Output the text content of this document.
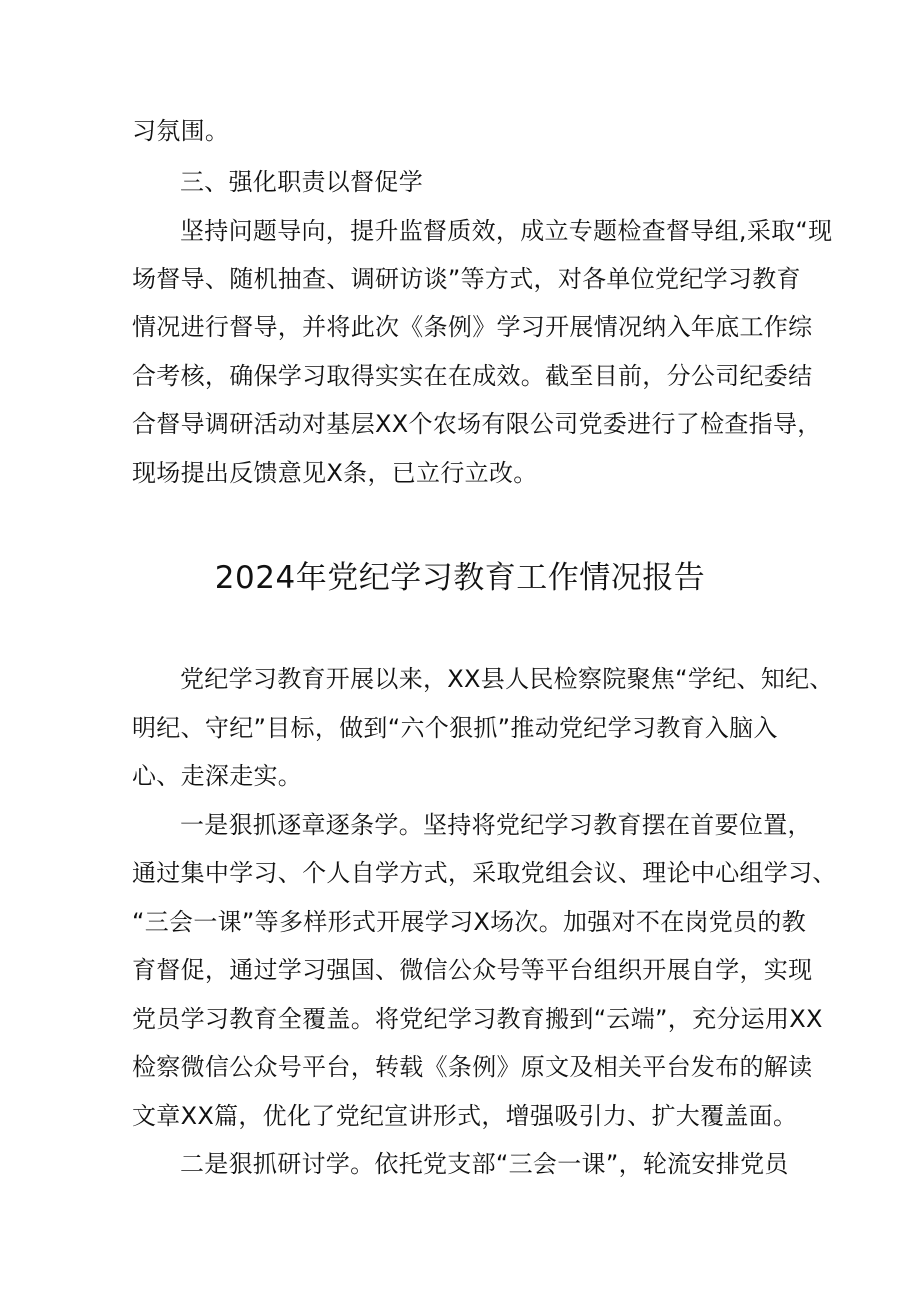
习氛围。
三、强化职责以督促学
坚持问题导向，提升监督质效，成立专题检查督导组,采取“现
场督导、随机抽查、调研访谈”等方式，对各单位党纪学习教育
情况进行督导，并将此次《条例》学习开展情况纳入年底工作综
合考核，确保学习取得实实在在成效。截至目前，分公司纪委结
合督导调研活动对基层XX个农场有限公司党委进行了检查指导，
现场提出反馈意见X条，已立行立改。
2024年党纪学习教育工作情况报告
党纪学习教育开展以来，XX县人民检察院聚焦“学纪、知纪、
明纪、守纪”目标，做到“六个狠抓”推动党纪学习教育入脑入
心、走深走实。
一是狠抓逐章逐条学。坚持将党纪学习教育摆在首要位置，
通过集中学习、个人自学方式，采取党组会议、理论中心组学习、
“三会一课”等多样形式开展学习X场次。加强对不在岗党员的教
育督促，通过学习强国、微信公众号等平台组织开展自学，实现
党员学习教育全覆盖。将党纪学习教育搬到“云端”，充分运用XX
检察微信公众号平台，转载《条例》原文及相关平台发布的解读
文章XX篇，优化了党纪宣讲形式，增强吸引力、扩大覆盖面。
二是狠抓研讨学。依托党支部“三会一课”，轮流安排党员
